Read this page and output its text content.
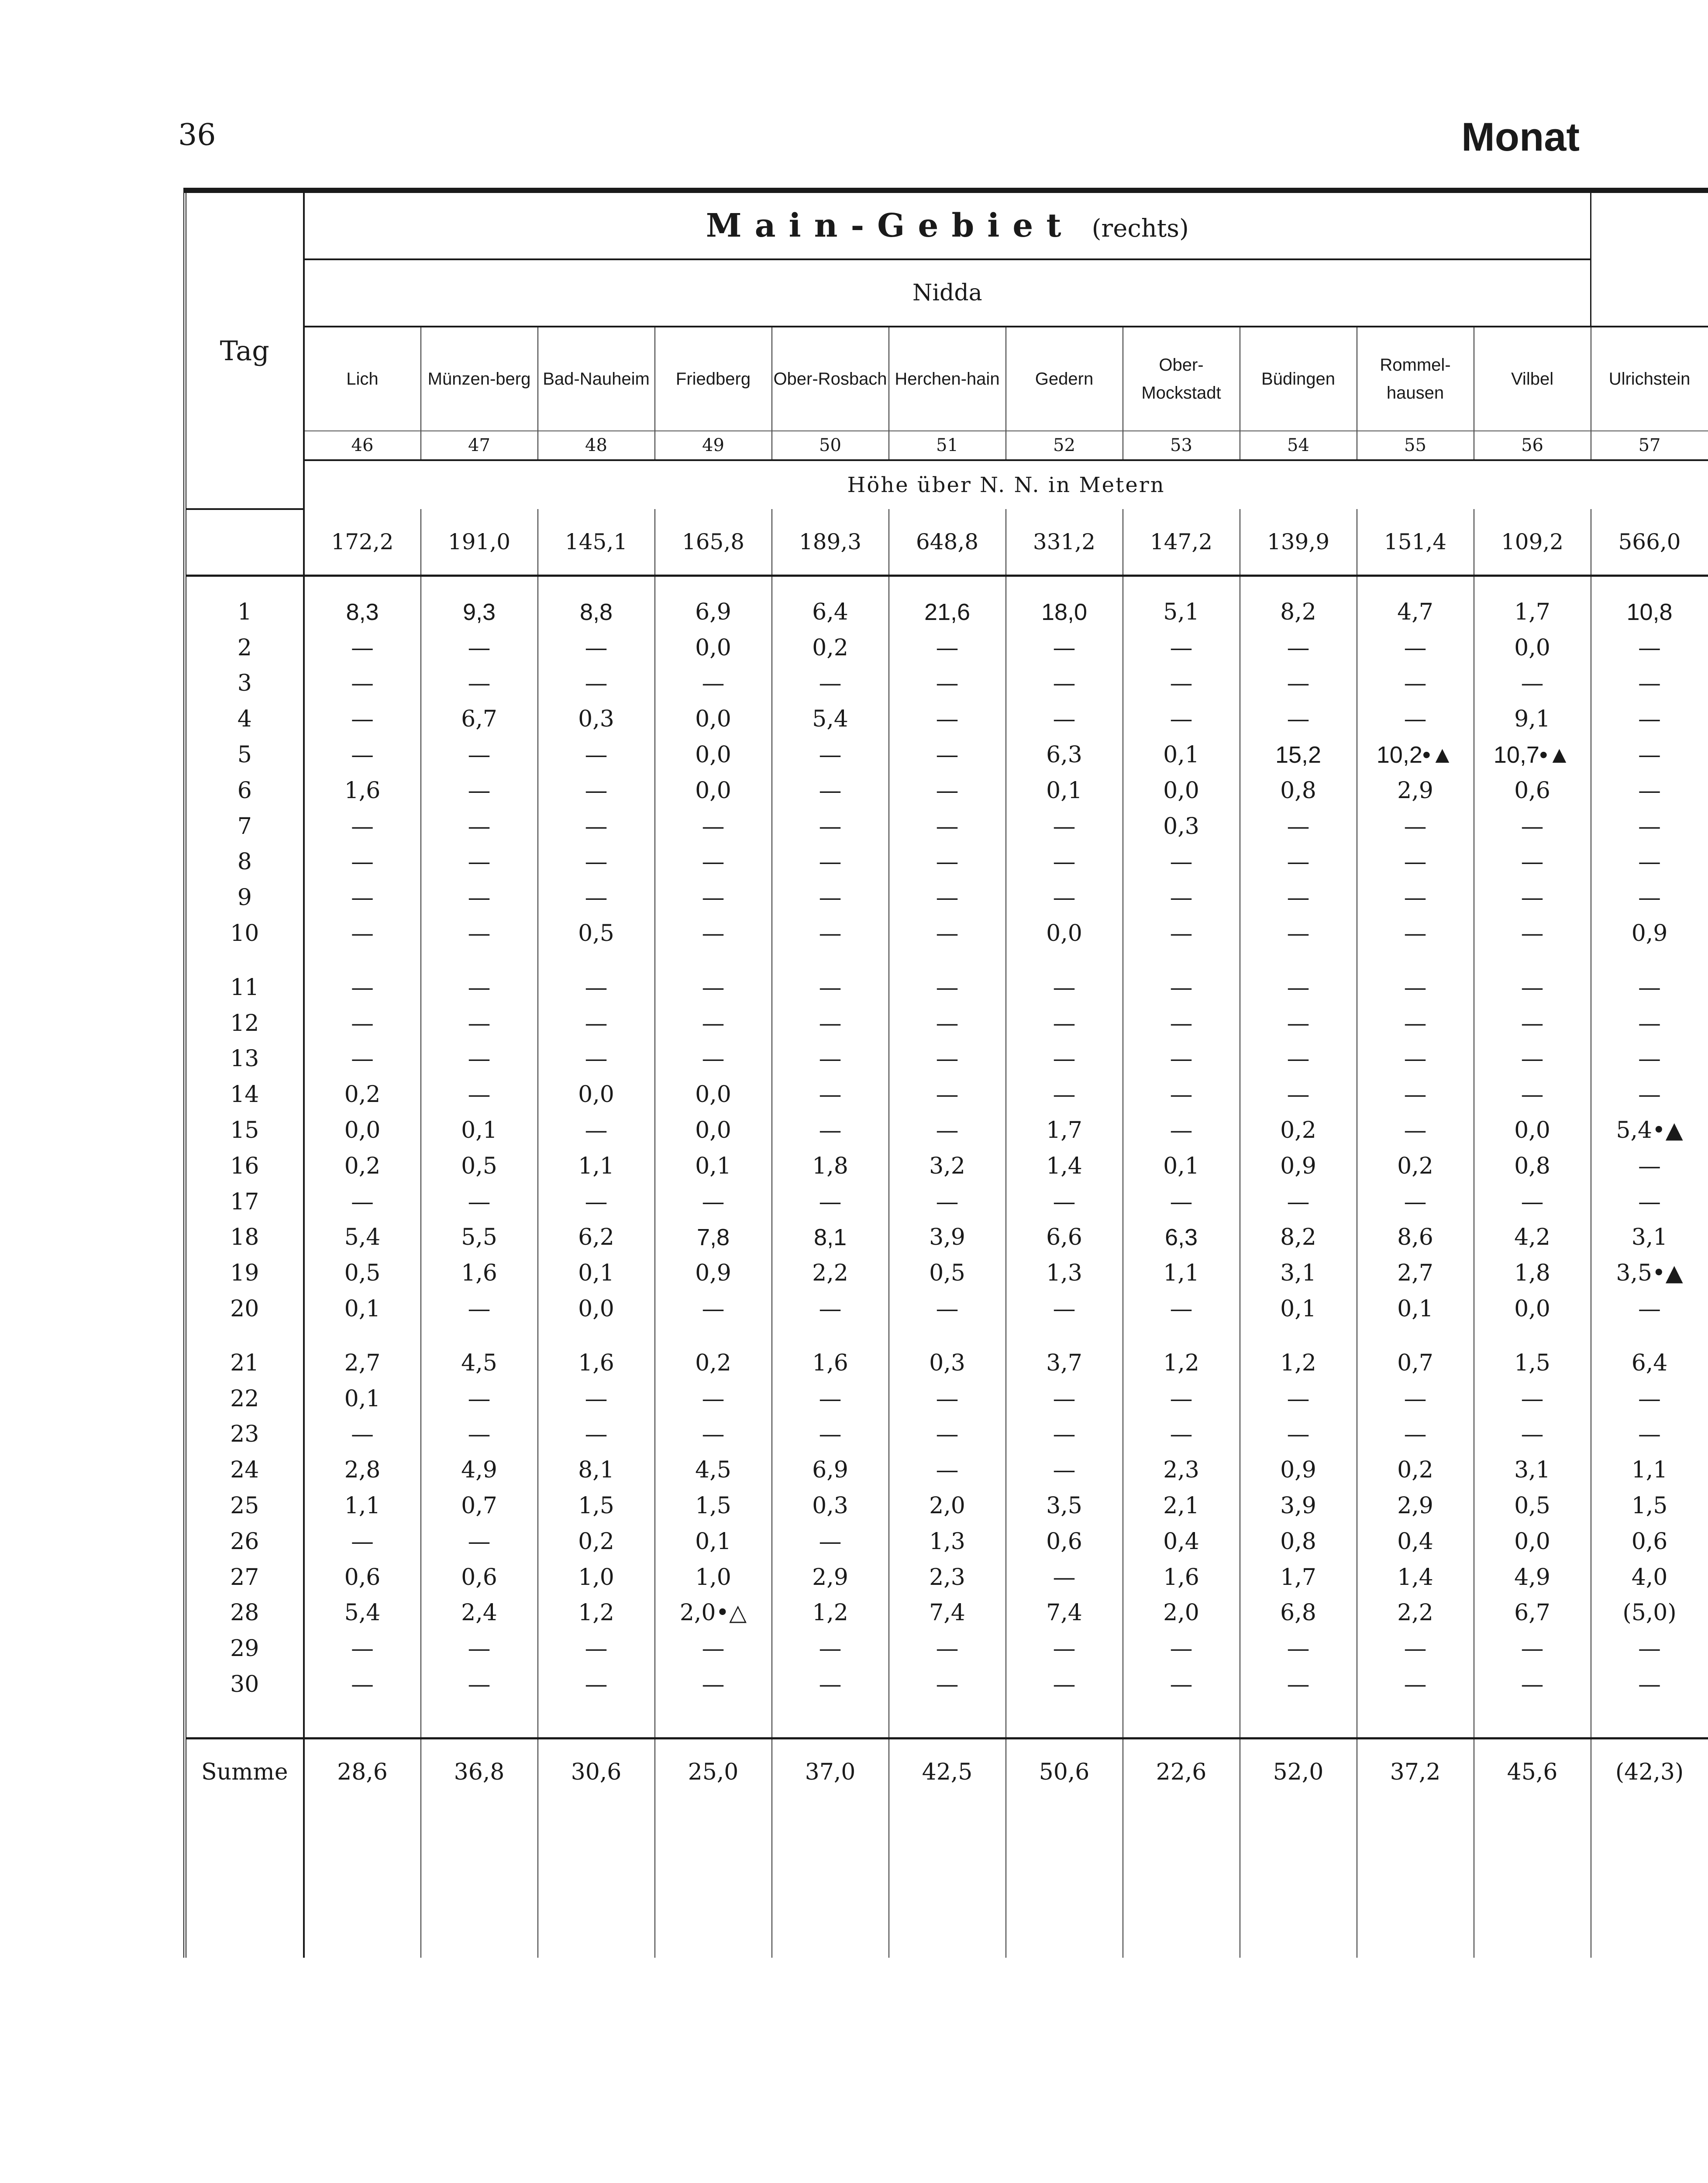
36	Monat
Tag	Main-Gebiet (rechts)											
	Nidda											
	Lich	Münzen-berg	Bad-Nauheim	Friedberg	Ober-Rosbach	Herchen-hain	Gedern	Ober-Mockstadt	Büdingen	Rommel-hausen	Vilbel	Ulrichstein
	46	47	48	49	50	51	52	53	54	55	56	57
	Höhe über N. N. in Metern											
	172,2	191,0	145,1	165,8	189,3	648,8	331,2	147,2	139,9	151,4	109,2	566,0

1	8,3	9,3	8,8	6,9	6,4	21,6	18,0	5,1	8,2	4,7	1,7	10,8
2	—	—	—	0,0	0,2	—	—	—	—	—	0,0	—
3	—	—	—	—	—	—	—	—	—	—	—	—
4	—	6,7	0,3	0,0	5,4	—	—	—	—	—	9,1	—
5	—	—	—	0,0	—	—	6,3	0,1	15,2	10,2•▲	10,7•▲	—
6	1,6	—	—	0,0	—	—	0,1	0,0	0,8	2,9	0,6	—
7	—	—	—	—	—	—	—	0,3	—	—	—	—
8	—	—	—	—	—	—	—	—	—	—	—	—
9	—	—	—	—	—	—	—	—	—	—	—	—
10	—	—	0,5	—	—	—	0,0	—	—	—	—	0,9

11	—	—	—	—	—	—	—	—	—	—	—	—
12	—	—	—	—	—	—	—	—	—	—	—	—
13	—	—	—	—	—	—	—	—	—	—	—	—
14	0,2	—	0,0	0,0	—	—	—	—	—	—	—	—
15	0,0	0,1	—	0,0	—	—	1,7	—	0,2	—	0,0	5,4•▲
16	0,2	0,5	1,1	0,1	1,8	3,2	1,4	0,1	0,9	0,2	0,8	—
17	—	—	—	—	—	—	—	—	—	—	—	—
18	5,4	5,5	6,2	7,8	8,1	3,9	6,6	6,3	8,2	8,6	4,2	3,1
19	0,5	1,6	0,1	0,9	2,2	0,5	1,3	1,1	3,1	2,7	1,8	3,5•▲
20	0,1	—	0,0	—	—	—	—	—	0,1	0,1	0,0	—

21	2,7	4,5	1,6	0,2	1,6	0,3	3,7	1,2	1,2	0,7	1,5	6,4
22	0,1	—	—	—	—	—	—	—	—	—	—	—
23	—	—	—	—	—	—	—	—	—	—	—	—
24	2,8	4,9	8,1	4,5	6,9	—	—	2,3	0,9	0,2	3,1	1,1
25	1,1	0,7	1,5	1,5	0,3	2,0	3,5	2,1	3,9	2,9	0,5	1,5
26	—	—	0,2	0,1	—	1,3	0,6	0,4	0,8	0,4	0,0	0,6
27	0,6	0,6	1,0	1,0	2,9	2,3	—	1,6	1,7	1,4	4,9	4,0
28	5,4	2,4	1,2	2,0•△	1,2	7,4	7,4	2,0	6,8	2,2	6,7	(5,0)
29	—	—	—	—	—	—	—	—	—	—	—	—
30	—	—	—	—	—	—	—	—	—	—	—	—

Summe	28,6	36,8	30,6	25,0	37,0	42,5	50,6	22,6	52,0	37,2	45,6	(42,3)
